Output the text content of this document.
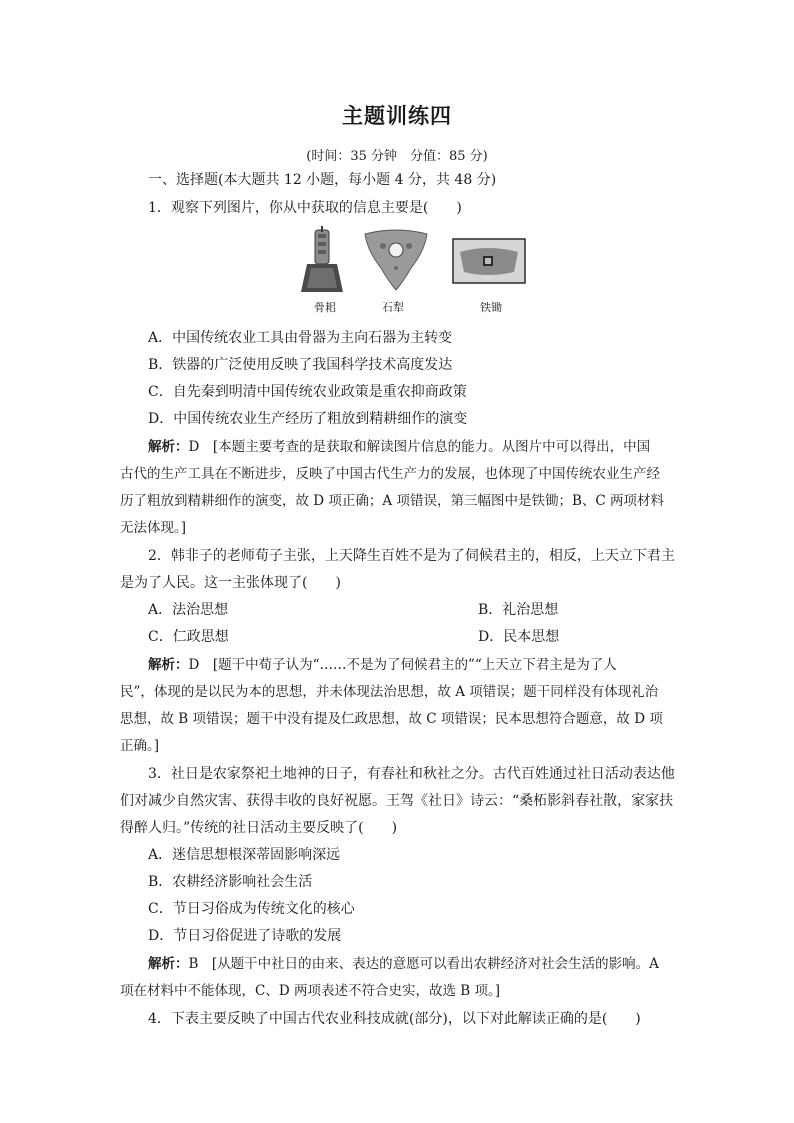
主题训练四
(时间：35 分钟　分值：85 分)
一、选择题(本大题共 12 小题，每小题 4 分，共 48 分)
1．观察下列图片，你从中获取的信息主要是(　　)
骨耜	石犁	铁锄
A．中国传统农业工具由骨器为主向石器为主转变
B．铁器的广泛使用反映了我国科学技术高度发达
C．自先秦到明清中国传统农业政策是重农抑商政策
D．中国传统农业生产经历了粗放到精耕细作的演变
解析：D　[本题主要考查的是获取和解读图片信息的能力。从图片中可以得出，中国
古代的生产工具在不断进步，反映了中国古代生产力的发展，也体现了中国传统农业生产经
历了粗放到精耕细作的演变，故 D 项正确；A 项错误，第三幅图中是铁锄；B、C 两项材料
无法体现。]
2．韩非子的老师荀子主张，上天降生百姓不是为了伺候君主的，相反，上天立下君主
是为了人民。这一主张体现了(　　)
A．法治思想	B．礼治思想
C．仁政思想	D．民本思想
解析：D　[题干中荀子认为“……不是为了伺候君主的”“上天立下君主是为了人
民”，体现的是以民为本的思想，并未体现法治思想，故 A 项错误；题干同样没有体现礼治
思想，故 B 项错误；题干中没有提及仁政思想，故 C 项错误；民本思想符合题意，故 D 项
正确。]
3．社日是农家祭祀土地神的日子，有春社和秋社之分。古代百姓通过社日活动表达他
们对减少自然灾害、获得丰收的良好祝愿。王驾《社日》诗云：“桑柘影斜春社散，家家扶
得醉人归。”传统的社日活动主要反映了(　　)
A．迷信思想根深蒂固影响深远
B．农耕经济影响社会生活
C．节日习俗成为传统文化的核心
D．节日习俗促进了诗歌的发展
解析：B　[从题干中社日的由来、表达的意愿可以看出农耕经济对社会生活的影响。A
项在材料中不能体现，C、D 两项表述不符合史实，故选 B 项。]
4．下表主要反映了中国古代农业科技成就(部分)，以下对此解读正确的是(　　)
